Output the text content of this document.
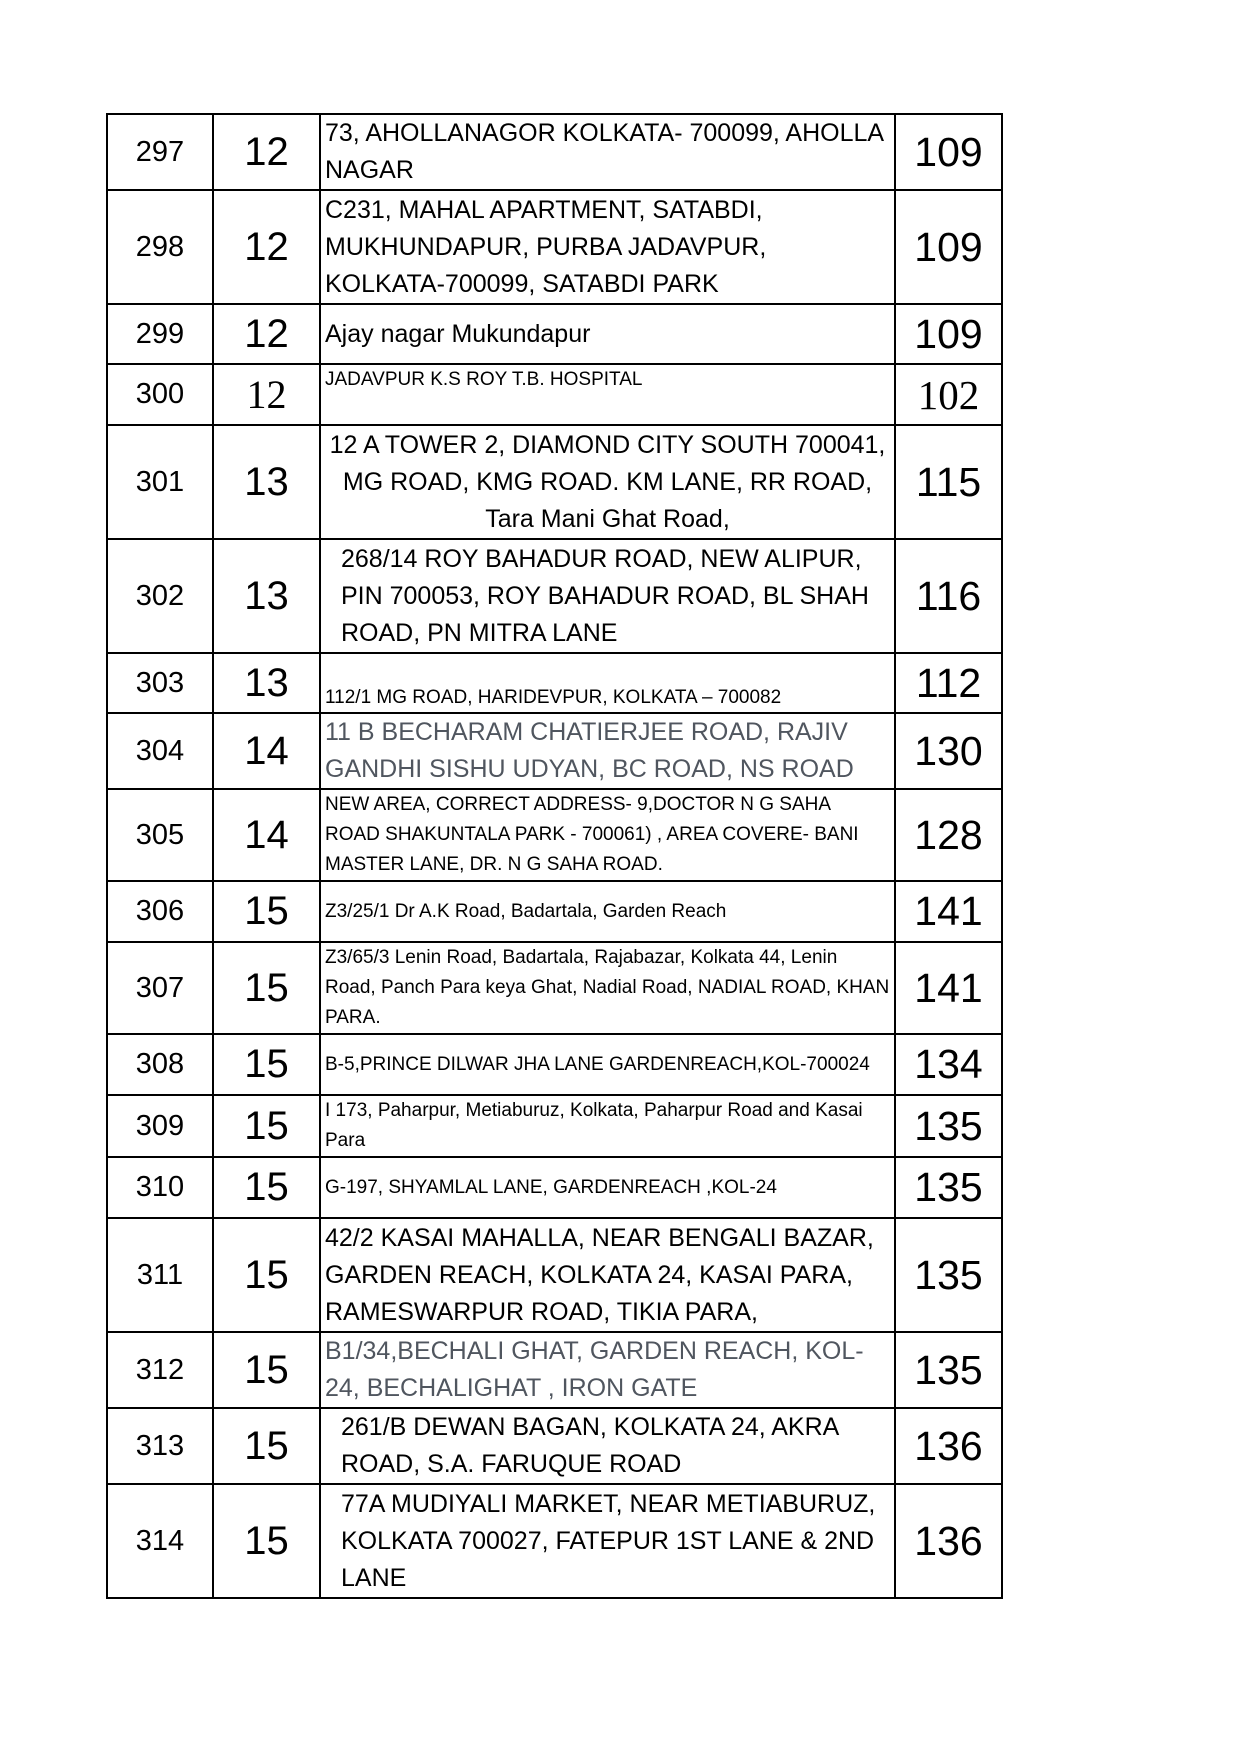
297	12	73, AHOLLANAGOR KOLKATA- 700099, AHOLLA NAGAR	109
298	12	C231, MAHAL APARTMENT, SATABDI, MUKHUNDAPUR, PURBA JADAVPUR, KOLKATA-700099, SATABDI PARK	109
299	12	Ajay nagar Mukundapur	109
300	12	JADAVPUR K.S ROY T.B. HOSPITAL	102
301	13	12 A TOWER 2, DIAMOND CITY SOUTH 700041, MG ROAD, KMG ROAD. KM LANE, RR ROAD, Tara Mani Ghat Road,	115
302	13	268/14 ROY BAHADUR ROAD, NEW ALIPUR, PIN 700053, ROY BAHADUR ROAD, BL SHAH ROAD, PN MITRA LANE	116
303	13	112/1 MG ROAD, HARIDEVPUR, KOLKATA – 700082	112
304	14	11 B BECHARAM CHATIERJEE ROAD, RAJIV GANDHI SISHU UDYAN, BC ROAD, NS ROAD	130
305	14	NEW AREA, CORRECT ADDRESS- 9,DOCTOR N G SAHA ROAD SHAKUNTALA PARK - 700061) , AREA COVERE- BANI MASTER LANE, DR. N G SAHA ROAD.	128
306	15	Z3/25/1 Dr A.K Road, Badartala, Garden Reach	141
307	15	Z3/65/3 Lenin Road, Badartala, Rajabazar, Kolkata 44, Lenin Road, Panch Para keya Ghat, Nadial Road, NADIAL ROAD, KHAN PARA.	141
308	15	B-5,PRINCE DILWAR JHA LANE GARDENREACH,KOL-700024	134
309	15	I 173, Paharpur, Metiaburuz, Kolkata, Paharpur Road and Kasai Para	135
310	15	G-197, SHYAMLAL LANE, GARDENREACH ,KOL-24	135
311	15	42/2 KASAI MAHALLA, NEAR BENGALI BAZAR, GARDEN REACH, KOLKATA 24, KASAI PARA, RAMESWARPUR ROAD, TIKIA PARA,	135
312	15	B1/34,BECHALI GHAT, GARDEN REACH, KOL-24, BECHALIGHAT , IRON GATE	135
313	15	261/B DEWAN BAGAN, KOLKATA 24, AKRA ROAD, S.A. FARUQUE ROAD	136
314	15	77A MUDIYALI MARKET, NEAR METIABURUZ, KOLKATA 700027, FATEPUR 1ST LANE & 2ND LANE	136
